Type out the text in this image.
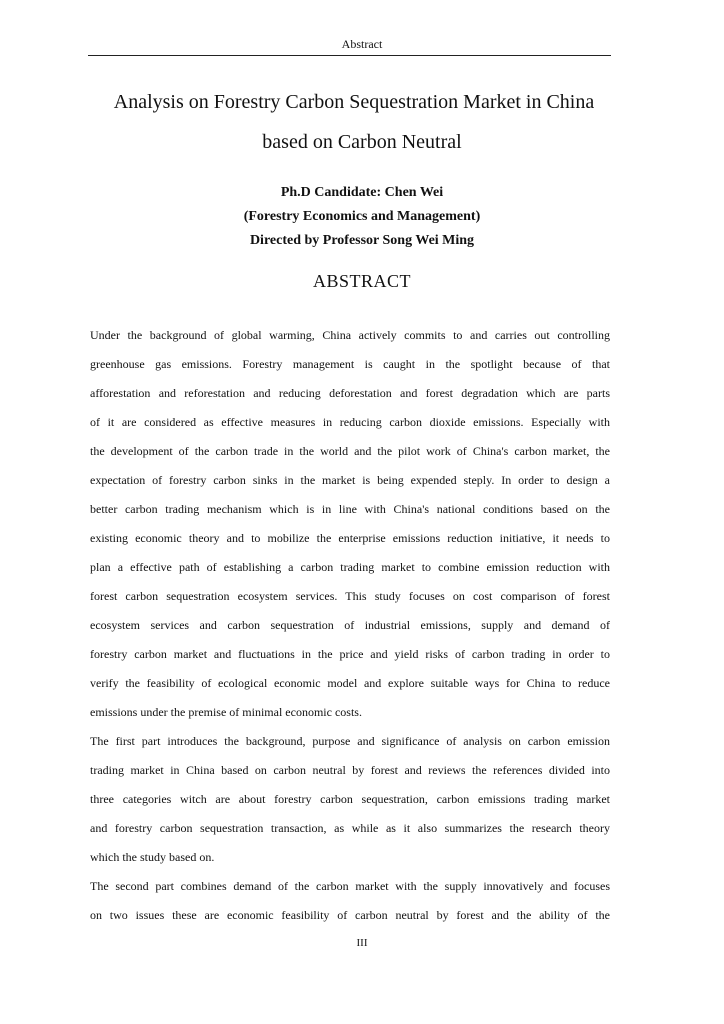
Abstract
Analysis on Forestry Carbon Sequestration Market in China
based on Carbon Neutral
Ph.D Candidate: Chen Wei
(Forestry Economics and Management)
Directed by Professor Song Wei Ming
ABSTRACT
Under the background of global warming, China actively commits to and carries out controlling
greenhouse gas emissions. Forestry management is caught in the spotlight because of that
afforestation and reforestation and reducing deforestation and forest degradation which are parts
of it are considered as effective measures in reducing carbon dioxide emissions. Especially with
the development of the carbon trade in the world and the pilot work of China's carbon market, the
expectation of forestry carbon sinks in the market is being expended steply. In order to design a
better carbon trading mechanism which is in line with China's national conditions based on the
existing economic theory and to mobilize the enterprise emissions reduction initiative, it needs to
plan a effective path of establishing a carbon trading market to combine emission reduction with
forest carbon sequestration ecosystem services. This study focuses on cost comparison of forest
ecosystem services and carbon sequestration of industrial emissions, supply and demand of
forestry carbon market and fluctuations in the price and yield risks of carbon trading in order to
verify the feasibility of ecological economic model and explore suitable ways for China to reduce
emissions under the premise of minimal economic costs.
The first part introduces the background, purpose and significance of analysis on carbon emission
trading market in China based on carbon neutral by forest and reviews the references divided into
three categories witch are about forestry carbon sequestration, carbon emissions trading market
and forestry carbon sequestration transaction, as while as it also summarizes the research theory
which the study based on.
The second part combines demand of the carbon market with the supply innovatively and focuses
on two issues these are economic feasibility of carbon neutral by forest and the ability of the
III
